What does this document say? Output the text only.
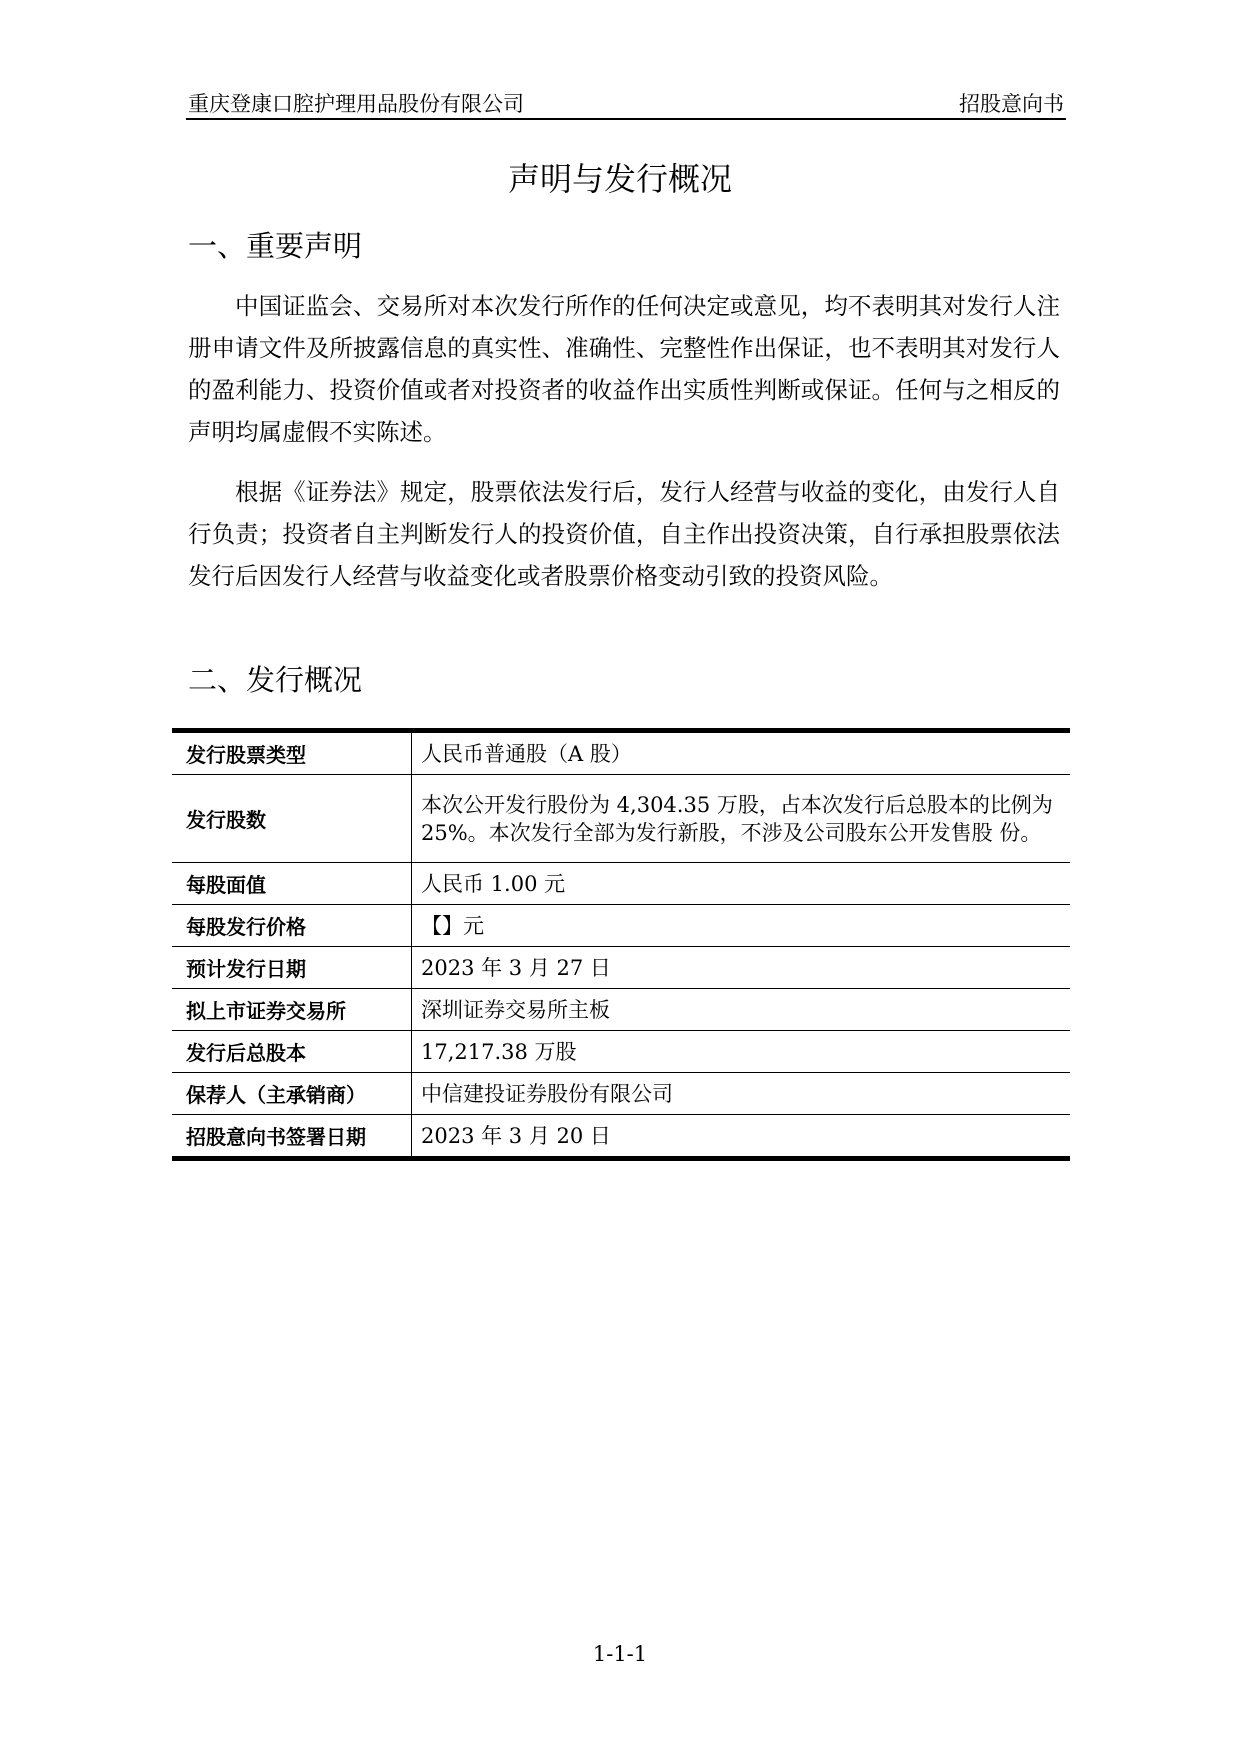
重庆登康口腔护理用品股份有限公司	招股意向书
声明与发行概况
一、重要声明

中国证监会、交易所对本次发行所作的任何决定或意见，均不表明其对发行人注册申请文件及所披露信息的真实性、准确性、完整性作出保证，也不表明其对发行人的盈利能力、投资价值或者对投资者的收益作出实质性判断或保证。任何与之相反的声明均属虚假不实陈述。

根据《证券法》规定，股票依法发行后，发行人经营与收益的变化，由发行人自行负责；投资者自主判断发行人的投资价值，自主作出投资决策，自行承担股票依法发行后因发行人经营与收益变化或者股票价格变动引致的投资风险。

二、发行概况
发行股票类型	人民币普通股（A 股）
发行股数	本次公开发行股份为 4,304.35 万股，占本次发行后总股本的比例为 25%。本次发行全部为发行新股，不涉及公司股东公开发售股 份。
每股面值	人民币 1.00 元
每股发行价格	【】元
预计发行日期	2023 年 3 月 27 日
拟上市证券交易所	深圳证券交易所主板
发行后总股本	17,217.38 万股
保荐人（主承销商）	中信建投证券股份有限公司
招股意向书签署日期	2023 年 3 月 20 日
1-1-1
